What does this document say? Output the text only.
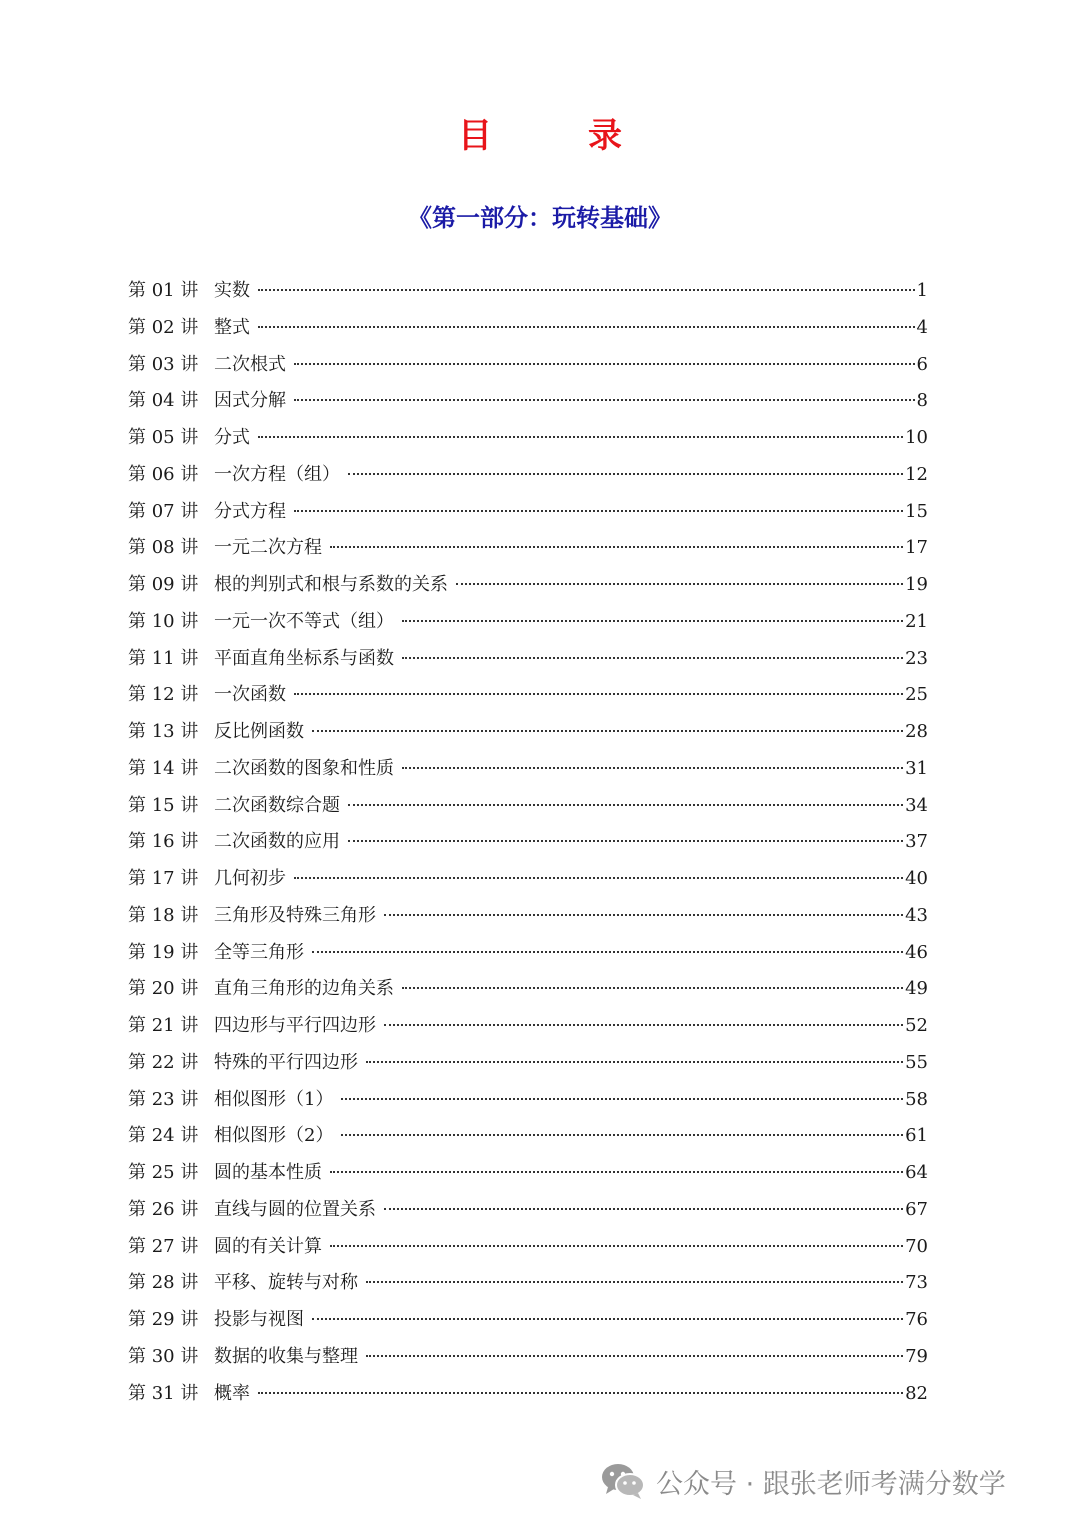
目录
《第一部分：玩转基础》
第 01 讲 实数	1
第 02 讲 整式	4
第 03 讲 二次根式	6
第 04 讲 因式分解	8
第 05 讲 分式	10
第 06 讲 一次方程（组）	12
第 07 讲 分式方程	15
第 08 讲 一元二次方程	17
第 09 讲 根的判别式和根与系数的关系	19
第 10 讲 一元一次不等式（组）	21
第 11 讲 平面直角坐标系与函数	23
第 12 讲 一次函数	25
第 13 讲 反比例函数	28
第 14 讲 二次函数的图象和性质	31
第 15 讲 二次函数综合题	34
第 16 讲 二次函数的应用	37
第 17 讲 几何初步	40
第 18 讲 三角形及特殊三角形	43
第 19 讲 全等三角形	46
第 20 讲 直角三角形的边角关系	49
第 21 讲 四边形与平行四边形	52
第 22 讲 特殊的平行四边形	55
第 23 讲 相似图形（1）	58
第 24 讲 相似图形（2）	61
第 25 讲 圆的基本性质	64
第 26 讲 直线与圆的位置关系	67
第 27 讲 圆的有关计算	70
第 28 讲 平移、旋转与对称	73
第 29 讲 投影与视图	76
第 30 讲 数据的收集与整理	79
第 31 讲 概率	82
公众号 · 跟张老师考满分数学
